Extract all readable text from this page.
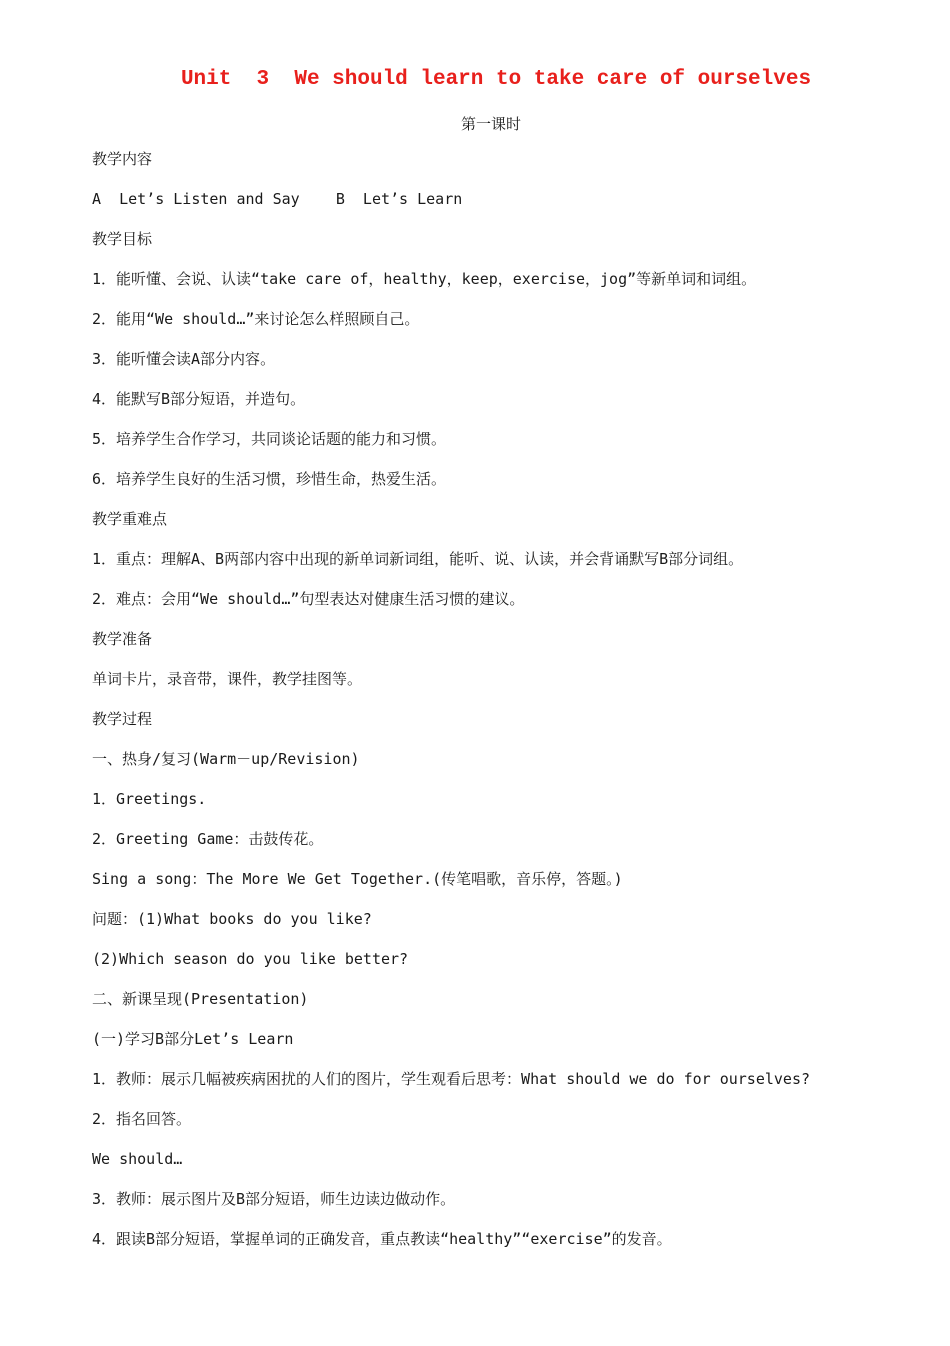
Unit  3  We should learn to take care of ourselves
第一课时
教学内容
A  Let’s Listen and Say    B  Let’s Learn
教学目标
1．能听懂、会说、认读“take care of，healthy，keep，exercise，jog”等新单词和词组。
2．能用“We should…”来讨论怎么样照顾自己。
3．能听懂会读A部分内容。
4．能默写B部分短语，并造句。
5．培养学生合作学习，共同谈论话题的能力和习惯。
6．培养学生良好的生活习惯，珍惜生命，热爱生活。
教学重难点
1．重点：理解A、B两部内容中出现的新单词新词组，能听、说、认读，并会背诵默写B部分词组。
2．难点：会用“We should…”句型表达对健康生活习惯的建议。
教学准备
单词卡片，录音带，课件，教学挂图等。
教学过程
一、热身/复习(Warm－up/Revision)
1．Greetings.
2．Greeting Game：击鼓传花。
Sing a song：The More We Get Together.(传笔唱歌，音乐停，答题。)
问题：(1)What books do you like?
(2)Which season do you like better?
二、新课呈现(Presentation)
(一)学习B部分Let’s Learn
1．教师：展示几幅被疾病困扰的人们的图片，学生观看后思考：What should we do for ourselves?
2．指名回答。
We should…
3．教师：展示图片及B部分短语，师生边读边做动作。
4．跟读B部分短语，掌握单词的正确发音，重点教读“healthy”“exercise”的发音。
